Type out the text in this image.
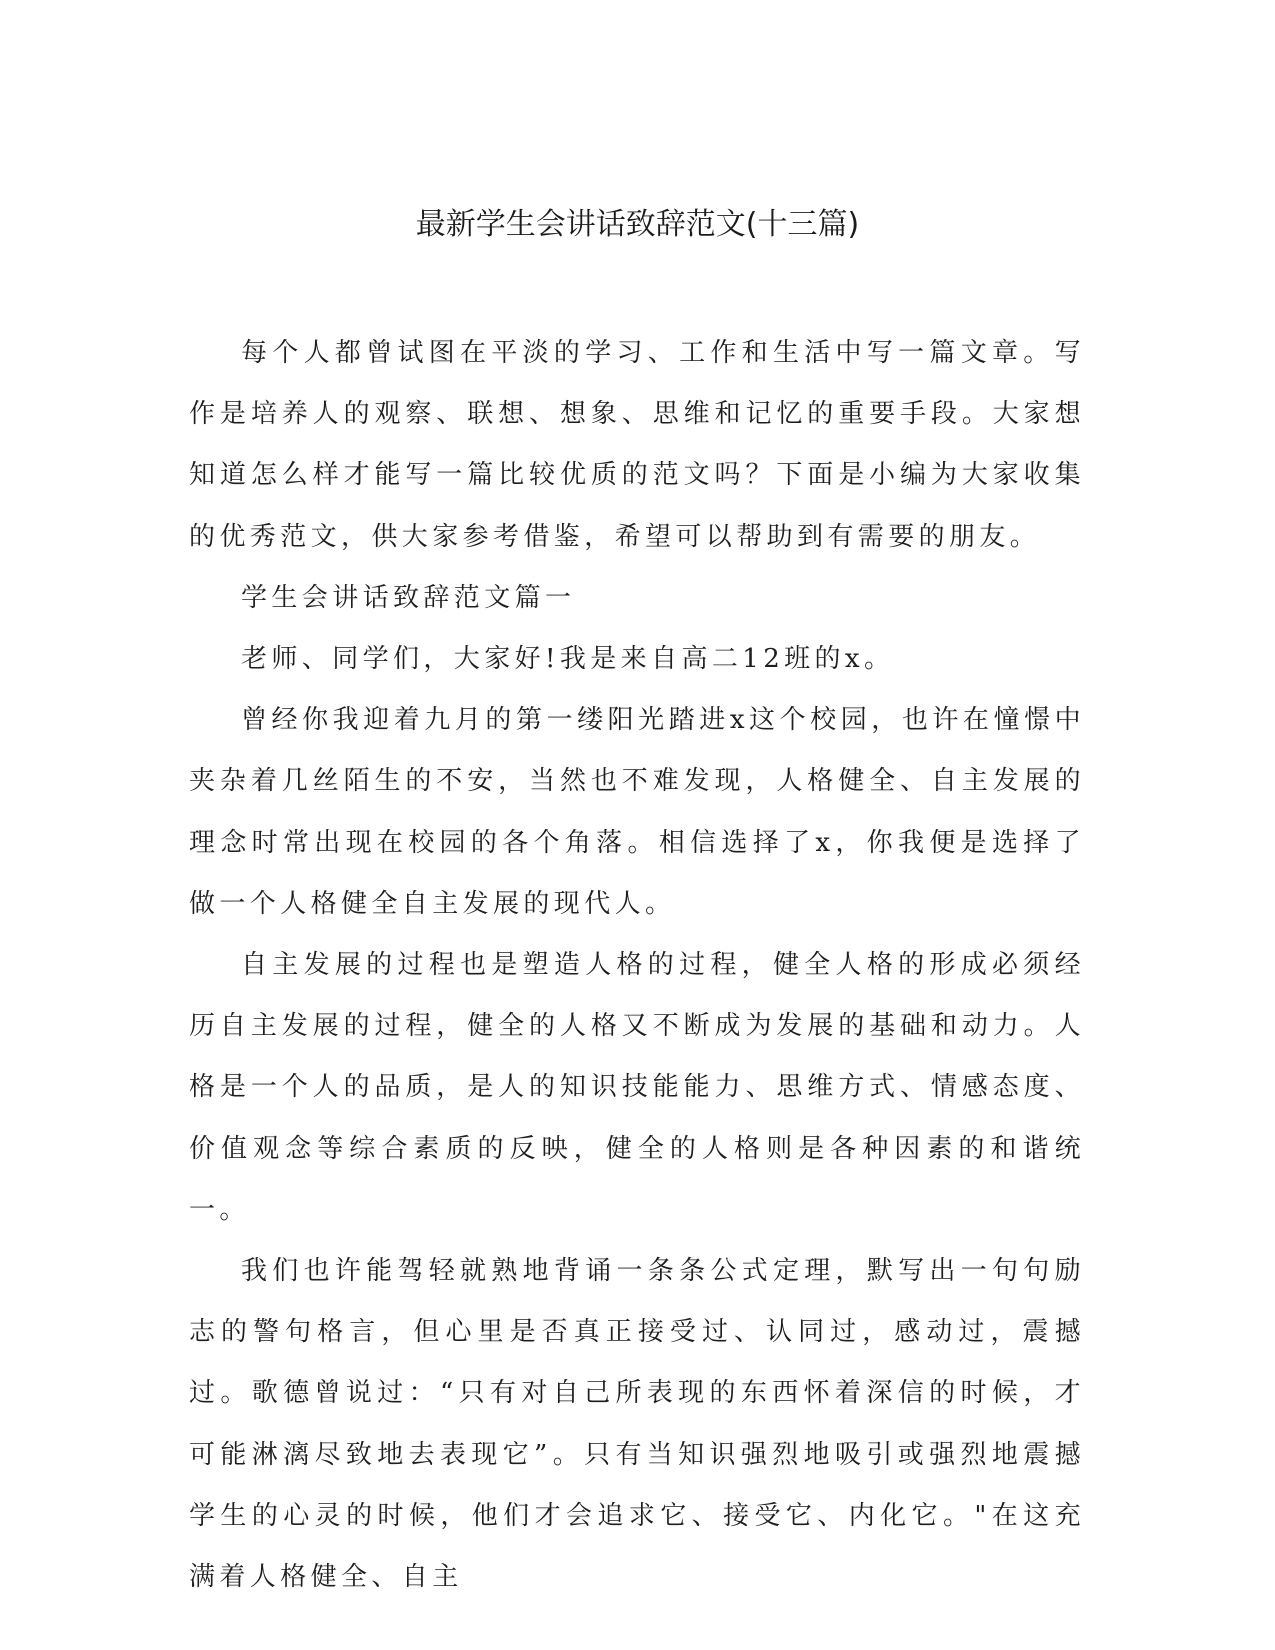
最新学生会讲话致辞范文(十三篇)

每个人都曾试图在平淡的学习、工作和生活中写一篇文章。写作是培养人的观察、联想、想象、思维和记忆的重要手段。大家想知道怎么样才能写一篇比较优质的范文吗？下面是小编为大家收集的优秀范文，供大家参考借鉴，希望可以帮助到有需要的朋友。

学生会讲话致辞范文篇一

老师、同学们，大家好!我是来自高二12班的x。

曾经你我迎着九月的第一缕阳光踏进x这个校园，也许在憧憬中夹杂着几丝陌生的不安，当然也不难发现，人格健全、自主发展的理念时常出现在校园的各个角落。相信选择了x，你我便是选择了做一个人格健全自主发展的现代人。

自主发展的过程也是塑造人格的过程，健全人格的形成必须经历自主发展的过程，健全的人格又不断成为发展的基础和动力。人格是一个人的品质，是人的知识技能能力、思维方式、情感态度、价值观念等综合素质的反映，健全的人格则是各种因素的和谐统一。

我们也许能驾轻就熟地背诵一条条公式定理，默写出一句句励志的警句格言，但心里是否真正接受过、认同过，感动过，震撼过。歌德曾说过：“只有对自己所表现的东西怀着深信的时候，才可能淋漓尽致地去表现它”。只有当知识强烈地吸引或强烈地震撼学生的心灵的时候，他们才会追求它、接受它、内化它。"在这充满着人格健全、自主
